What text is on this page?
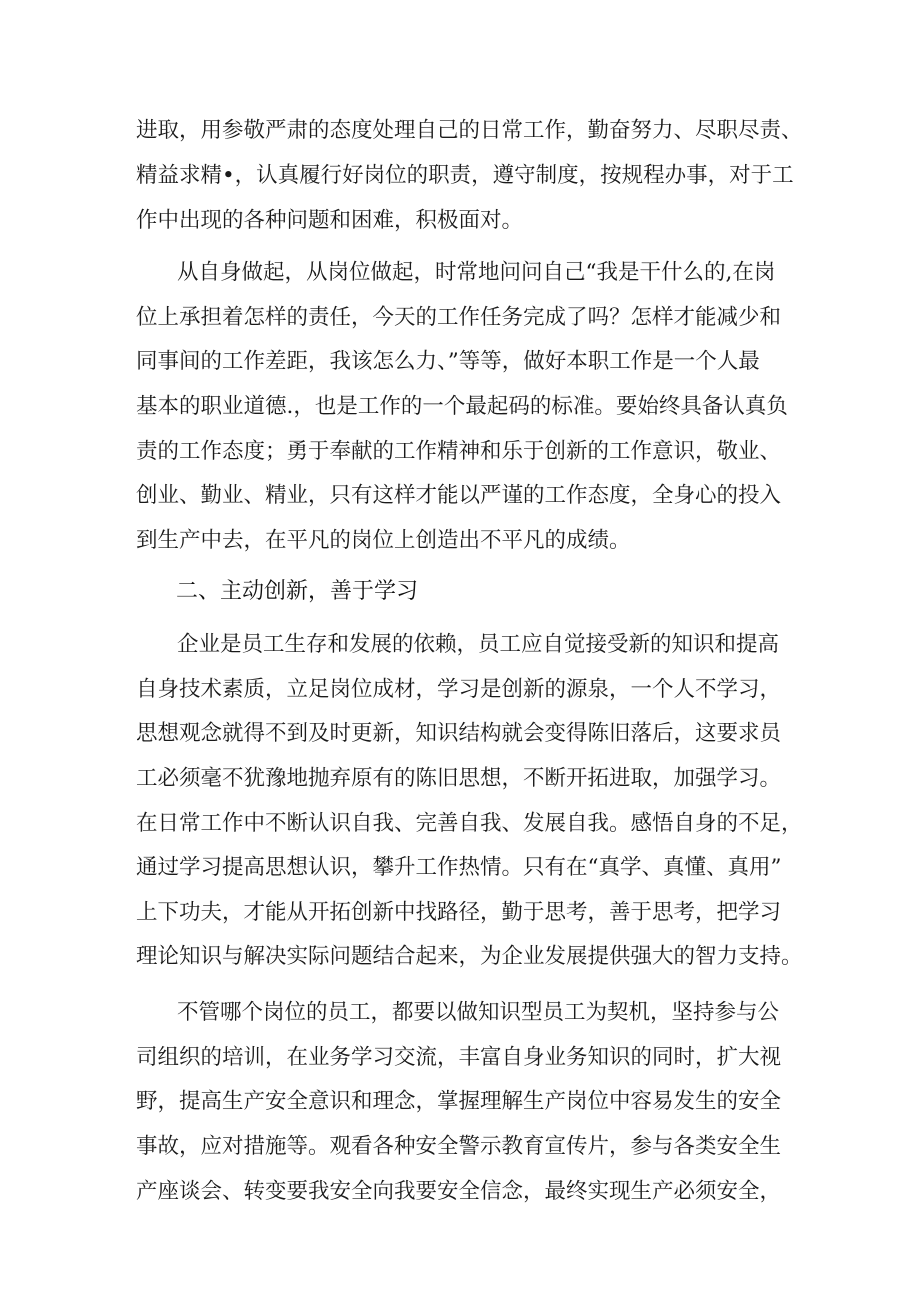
进取，用参敬严肃的态度处理自己的日常工作，勤奋努力、尽职尽责、
精益求精•，认真履行好岗位的职责，遵守制度，按规程办事，对于工
作中出现的各种问题和困难，积极面对。
从自身做起，从岗位做起，时常地问问自己“我是干什么的,在岗
位上承担着怎样的责任，今天的工作任务完成了吗？怎样才能减少和
同事间的工作差距，我该怎么力、”等等，做好本职工作是一个人最
基本的职业道德.，也是工作的一个最起码的标准。要始终具备认真负
责的工作态度；勇于奉献的工作精神和乐于创新的工作意识，敬业、
创业、勤业、精业，只有这样才能以严谨的工作态度，全身心的投入
到生产中去，在平凡的岗位上创造出不平凡的成绩。
二、主动创新，善于学习
企业是员工生存和发展的依赖，员工应自觉接受新的知识和提高
自身技术素质，立足岗位成材，学习是创新的源泉，一个人不学习，
思想观念就得不到及时更新，知识结构就会变得陈旧落后，这要求员
工必须毫不犹豫地抛弃原有的陈旧思想，不断开拓进取，加强学习。
在日常工作中不断认识自我、完善自我、发展自我。感悟自身的不足，
通过学习提高思想认识，攀升工作热情。只有在“真学、真懂、真用”
上下功夫，才能从开拓创新中找路径，勤于思考，善于思考，把学习
理论知识与解决实际问题结合起来，为企业发展提供强大的智力支持。
不管哪个岗位的员工，都要以做知识型员工为契机，坚持参与公
司组织的培训，在业务学习交流，丰富自身业务知识的同时，扩大视
野，提高生产安全意识和理念，掌握理解生产岗位中容易发生的安全
事故，应对措施等。观看各种安全警示教育宣传片，参与各类安全生
产座谈会、转变要我安全向我要安全信念，最终实现生产必须安全，
